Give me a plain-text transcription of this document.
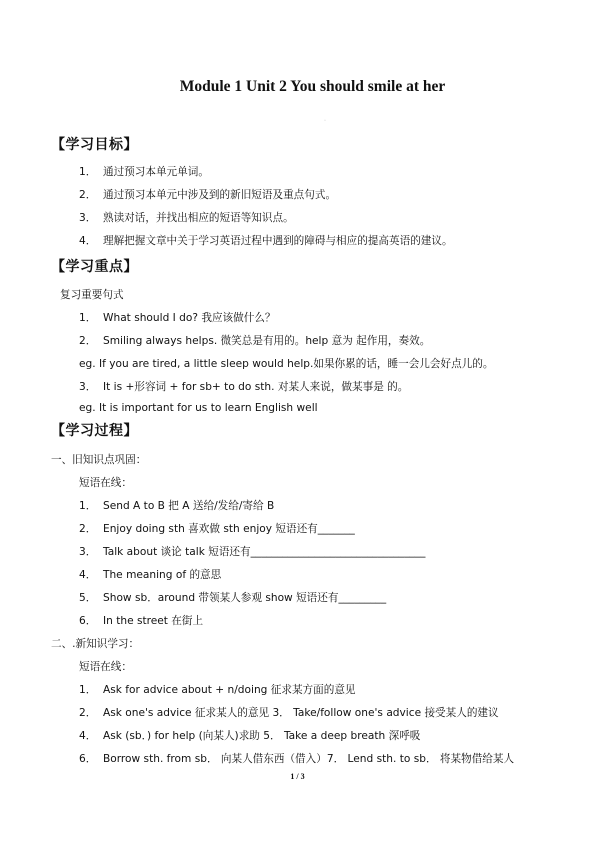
Module 1 Unit 2 You should smile at her
·
【学习目标】
1． 通过预习本单元单词。
2． 通过预习本单元中涉及到的新旧短语及重点句式。
3． 熟读对话，并找出相应的短语等知识点。
4． 理解把握文章中关于学习英语过程中遇到的障碍与相应的提高英语的建议。
【学习重点】
复习重要句式
1． What should I do? 我应该做什么？
2． Smiling always helps. 微笑总是有用的。help 意为 起作用，奏效。
eg. If you are tired, a little sleep would help.如果你累的话，睡一会儿会好点儿的。
3． It is +形容词 + for sb+ to do sth. 对某人来说，做某事是 的。
eg. It is important for us to learn English well
【学习过程】
一、旧知识点巩固：
短语在线：
1． Send A to B 把 A 送给/发给/寄给 B
2． Enjoy doing sth 喜欢做 sth enjoy 短语还有_______
3． Talk about 谈论 talk 短语还有_________________________________
4． The meaning of 的意思
5． Show sb．around 带领某人参观 show 短语还有_________
6． In the street 在街上
二、.新知识学习：
短语在线：
1． Ask for advice about + n/doing 征求某方面的意见
2． Ask one's advice 征求某人的意见 3． Take/follow one's advice 接受某人的建议
4． Ask (sb．) for help (向某人)求助 5． Take a deep breath 深呼吸
6． Borrow sth. from sb． 向某人借东西（借入）7． Lend sth. to sb． 将某物借给某人
1 / 3
